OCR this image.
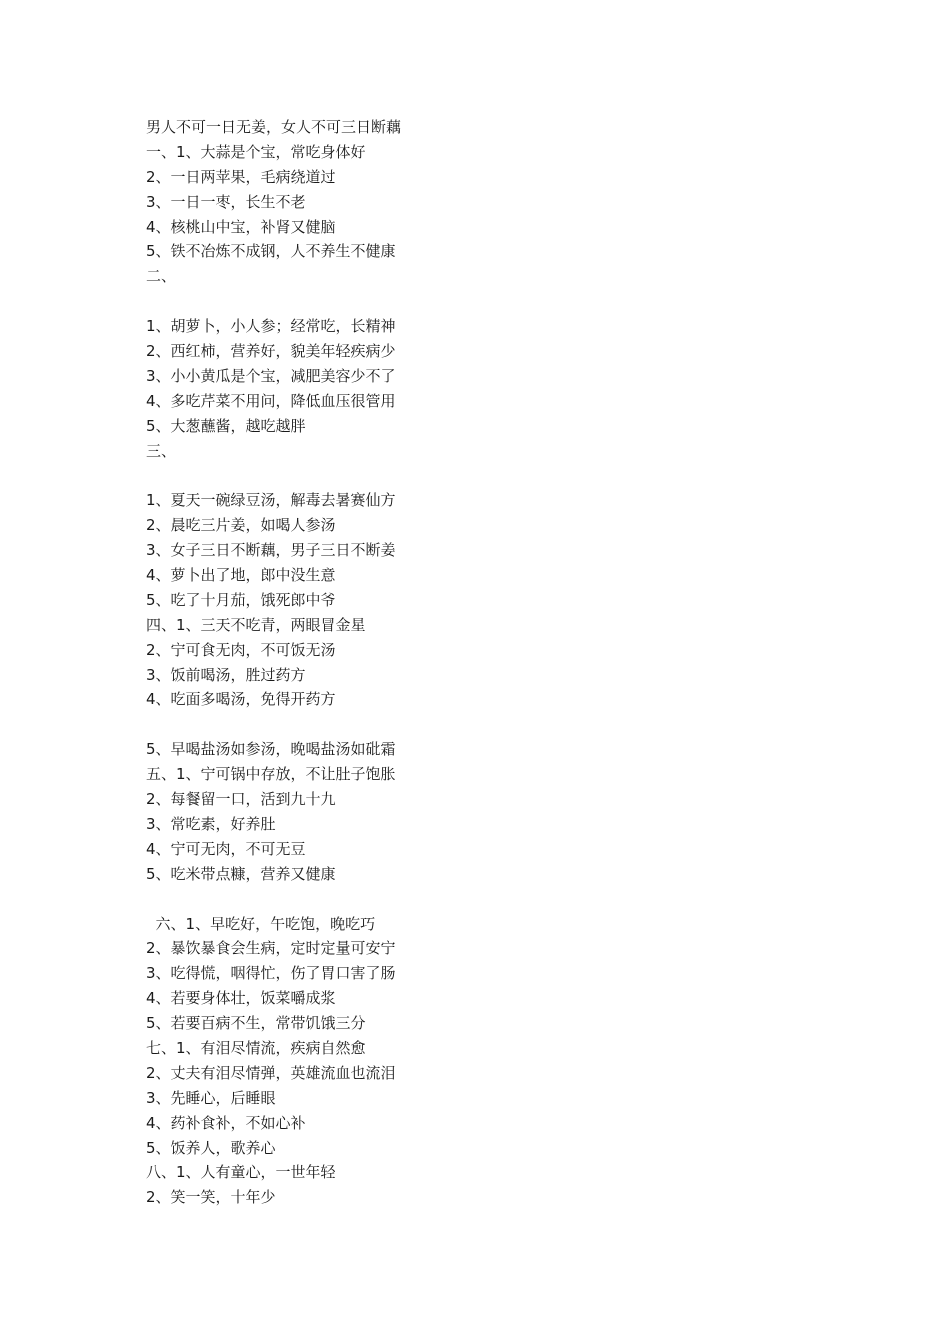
男人不可一日无姜，女人不可三日断藕
一、1、大蒜是个宝，常吃身体好
2、一日两苹果，毛病绕道过
3、一日一枣，长生不老
4、核桃山中宝，补肾又健脑
5、铁不冶炼不成钢，人不养生不健康
二、
1、胡萝卜，小人参；经常吃，长精神
2、西红柿，营养好，貌美年轻疾病少
3、小小黄瓜是个宝，减肥美容少不了
4、多吃芹菜不用问，降低血压很管用
5、大葱蘸酱，越吃越胖
三、
1、夏天一碗绿豆汤，解毒去暑赛仙方
2、晨吃三片姜，如喝人参汤
3、女子三日不断藕，男子三日不断姜
4、萝卜出了地，郎中没生意
5、吃了十月茄，饿死郎中爷
四、1、三天不吃青，两眼冒金星
2、宁可食无肉，不可饭无汤
3、饭前喝汤，胜过药方
4、吃面多喝汤，免得开药方
5、早喝盐汤如参汤，晚喝盐汤如砒霜
五、1、宁可锅中存放，不让肚子饱胀
2、每餐留一口，活到九十九
3、常吃素，好养肚
4、宁可无肉，不可无豆
5、吃米带点糠，营养又健康
六、1、早吃好，午吃饱，晚吃巧
2、暴饮暴食会生病，定时定量可安宁
3、吃得慌，咽得忙，伤了胃口害了肠
4、若要身体壮，饭菜嚼成浆
5、若要百病不生，常带饥饿三分
七、1、有泪尽情流，疾病自然愈
2、丈夫有泪尽情弹，英雄流血也流泪
3、先睡心，后睡眼
4、药补食补，不如心补
5、饭养人，歌养心
八、1、人有童心，一世年轻
2、笑一笑，十年少
